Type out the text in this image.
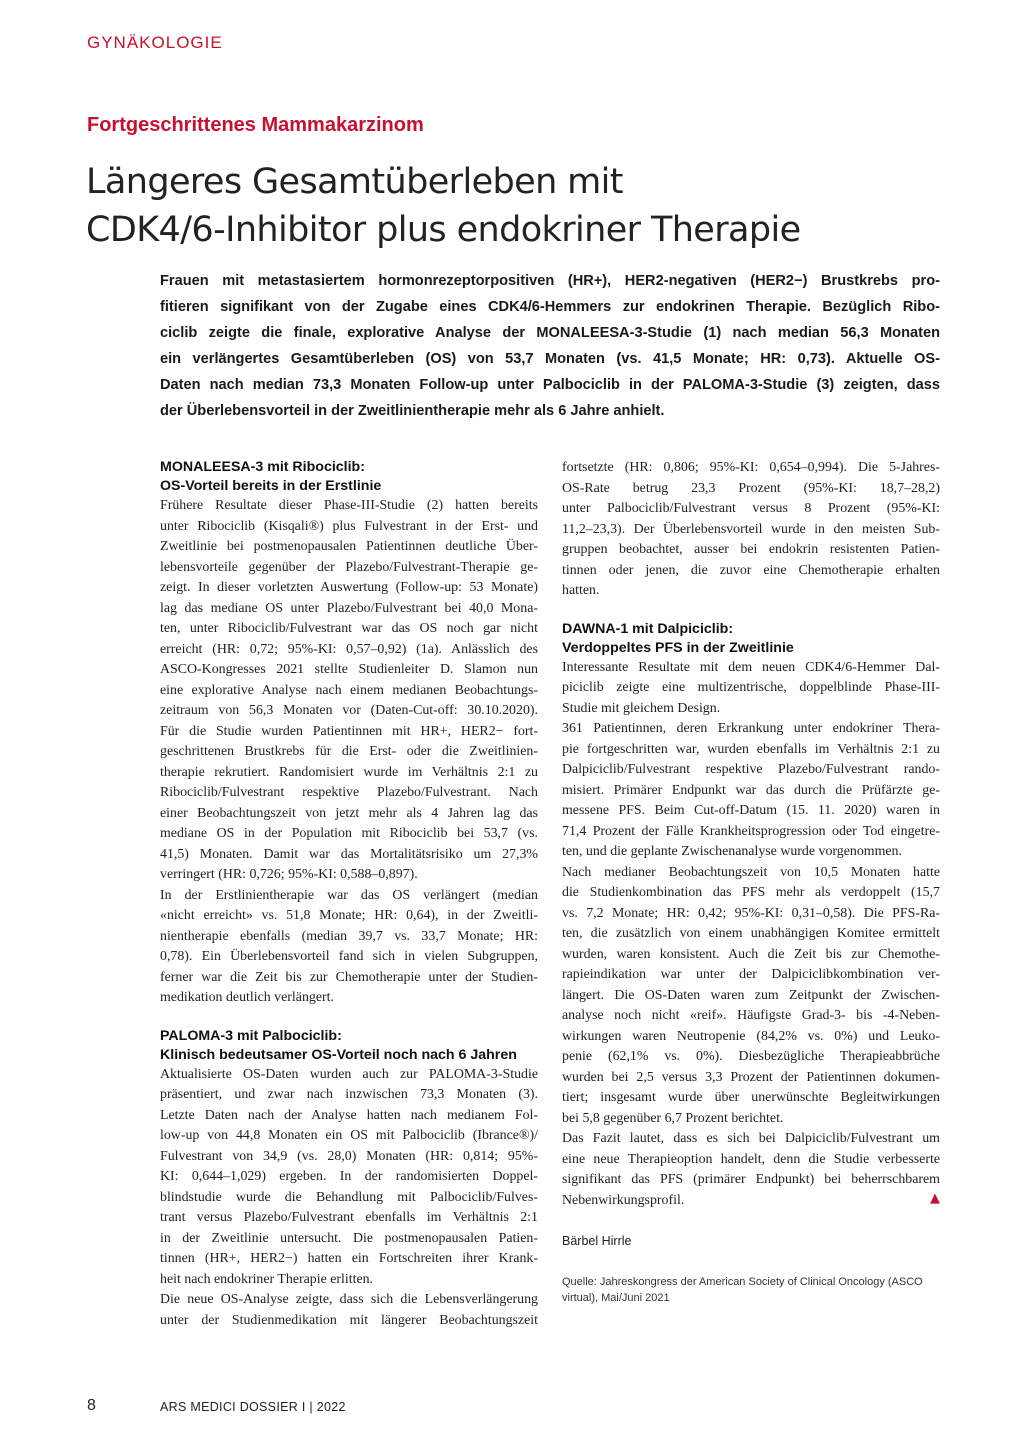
GYNÄKOLOGIE
Fortgeschrittenes Mammakarzinom
Längeres Gesamtüberleben mit
CDK4/6-Inhibitor plus endokriner Therapie
Frauen mit metastasiertem hormonrezeptorpositiven (HR+), HER2-negativen (HER2−) Brustkrebs pro-
fitieren signifikant von der Zugabe eines CDK4/6-Hemmers zur endokrinen Therapie. Bezüglich Ribo-
ciclib zeigte die finale, explorative Analyse der MONALEESA-3-Studie (1) nach median 56,3 Monaten
ein verlängertes Gesamtüberleben (OS) von 53,7 Monaten (vs. 41,5 Monate; HR: 0,73). Aktuelle OS-
Daten nach median 73,3 Monaten Follow-up unter Palbociclib in der PALOMA-3-Studie (3) zeigten, dass
der Überlebensvorteil in der Zweitlinientherapie mehr als 6 Jahre anhielt.
MONALEESA-3 mit Ribociclib:
OS-Vorteil bereits in der Erstlinie

Frühere Resultate dieser Phase-III-Studie (2) hatten bereits

unter Ribociclib (Kisqali®) plus Fulvestrant in der Erst- und

Zweitlinie bei postmenopausalen Patientinnen deutliche Über-

lebensvorteile gegenüber der Plazebo/Fulvestrant-Therapie ge-

zeigt. In dieser vorletzten Auswertung (Follow-up: 53 Monate)

lag das mediane OS unter Plazebo/Fulvestrant bei 40,0 Mona-

ten, unter Ribociclib/Fulvestrant war das OS noch gar nicht

erreicht (HR: 0,72; 95%-KI: 0,57–0,92) (1a). Anlässlich des

ASCO-Kongresses 2021 stellte Studienleiter D. Slamon nun

eine explorative Analyse nach einem medianen Beobachtungs-

zeitraum von 56,3 Monaten vor (Daten-Cut-off: 30.10.2020).

Für die Studie wurden Patientinnen mit HR+, HER2− fort-

geschrittenen Brustkrebs für die Erst- oder die Zweitlinien-

therapie rekrutiert. Randomisiert wurde im Verhältnis 2:1 zu

Ribociclib/Fulvestrant respektive Plazebo/Fulvestrant. Nach

einer Beobachtungszeit von jetzt mehr als 4 Jahren lag das

mediane OS in der Population mit Ribociclib bei 53,7 (vs.

41,5) Monaten. Damit war das Mortalitätsrisiko um 27,3%

verringert (HR: 0,726; 95%-KI: 0,588–0,897).

In der Erstlinientherapie war das OS verlängert (median

«nicht erreicht» vs. 51,8 Monate; HR: 0,64), in der Zweitli-

nientherapie ebenfalls (median 39,7 vs. 33,7 Monate; HR:

0,78). Ein Überlebensvorteil fand sich in vielen Subgruppen,

ferner war die Zeit bis zur Chemotherapie unter der Studien-

medikation deutlich verlängert.

PALOMA-3 mit Palbociclib:
Klinisch bedeutsamer OS-Vorteil noch nach 6 Jahren

Aktualisierte OS-Daten wurden auch zur PALOMA-3-Studie

präsentiert, und zwar nach inzwischen 73,3 Monaten (3).

Letzte Daten nach der Analyse hatten nach medianem Fol-

low-up von 44,8 Monaten ein OS mit Palbociclib (Ibrance®)/

Fulvestrant von 34,9 (vs. 28,0) Monaten (HR: 0,814; 95%-

KI: 0,644–1,029) ergeben. In der randomisierten Doppel-

blindstudie wurde die Behandlung mit Palbociclib/Fulves-

trant versus Plazebo/Fulvestrant ebenfalls im Verhältnis 2:1

in der Zweitlinie untersucht. Die postmenopausalen Patien-

tinnen (HR+, HER2−) hatten ein Fortschreiten ihrer Krank-

heit nach endokriner Therapie erlitten.

Die neue OS-Analyse zeigte, dass sich die Lebensverlängerung

unter der Studienmedikation mit längerer Beobachtungszeit

fortsetzte (HR: 0,806; 95%-KI: 0,654–0,994). Die 5-Jahres-

OS-Rate betrug 23,3 Prozent (95%-KI: 18,7–28,2)

unter Palbociclib/Fulvestrant versus 8 Prozent (95%-KI:

11,2–23,3). Der Überlebensvorteil wurde in den meisten Sub-

gruppen beobachtet, ausser bei endokrin resistenten Patien-

tinnen oder jenen, die zuvor eine Chemotherapie erhalten

hatten.

DAWNA-1 mit Dalpiciclib:
Verdoppeltes PFS in der Zweitlinie

Interessante Resultate mit dem neuen CDK4/6-Hemmer Dal-

piciclib zeigte eine multizentrische, doppelblinde Phase-III-

Studie mit gleichem Design.

361 Patientinnen, deren Erkrankung unter endokriner Thera-

pie fortgeschritten war, wurden ebenfalls im Verhältnis 2:1 zu

Dalpiciclib/Fulvestrant respektive Plazebo/Fulvestrant rando-

misiert. Primärer Endpunkt war das durch die Prüfärzte ge-

messene PFS. Beim Cut-off-Datum (15. 11. 2020) waren in

71,4 Prozent der Fälle Krankheitsprogression oder Tod eingetre-

ten, und die geplante Zwischenanalyse wurde vorgenommen.

Nach medianer Beobachtungszeit von 10,5 Monaten hatte

die Studienkombination das PFS mehr als verdoppelt (15,7

vs. 7,2 Monate; HR: 0,42; 95%-KI: 0,31–0,58). Die PFS-Ra-

ten, die zusätzlich von einem unabhängigen Komitee ermittelt

wurden, waren konsistent. Auch die Zeit bis zur Chemothe-

rapieindikation war unter der Dalpiciclibkombination ver-

längert. Die OS-Daten waren zum Zeitpunkt der Zwischen-

analyse noch nicht «reif». Häufigste Grad-3- bis -4-Neben-

wirkungen waren Neutropenie (84,2% vs. 0%) und Leuko-

penie (62,1% vs. 0%). Diesbezügliche Therapieabbrüche

wurden bei 2,5 versus 3,3 Prozent der Patientinnen dokumen-

tiert; insgesamt wurde über unerwünschte Begleitwirkungen

bei 5,8 gegenüber 6,7 Prozent berichtet.

Das Fazit lautet, dass es sich bei Dalpiciclib/Fulvestrant um

eine neue Therapieoption handelt, denn die Studie verbesserte

signifikant das PFS (primärer Endpunkt) bei beherrschbarem

Nebenwirkungsprofil.	▲
Bärbel Hirrle
Quelle: Jahreskongress der American Society of Clinical Oncology (ASCO
virtual), Mai/Juni 2021
8	ARS MEDICI DOSSIER I | 2022
